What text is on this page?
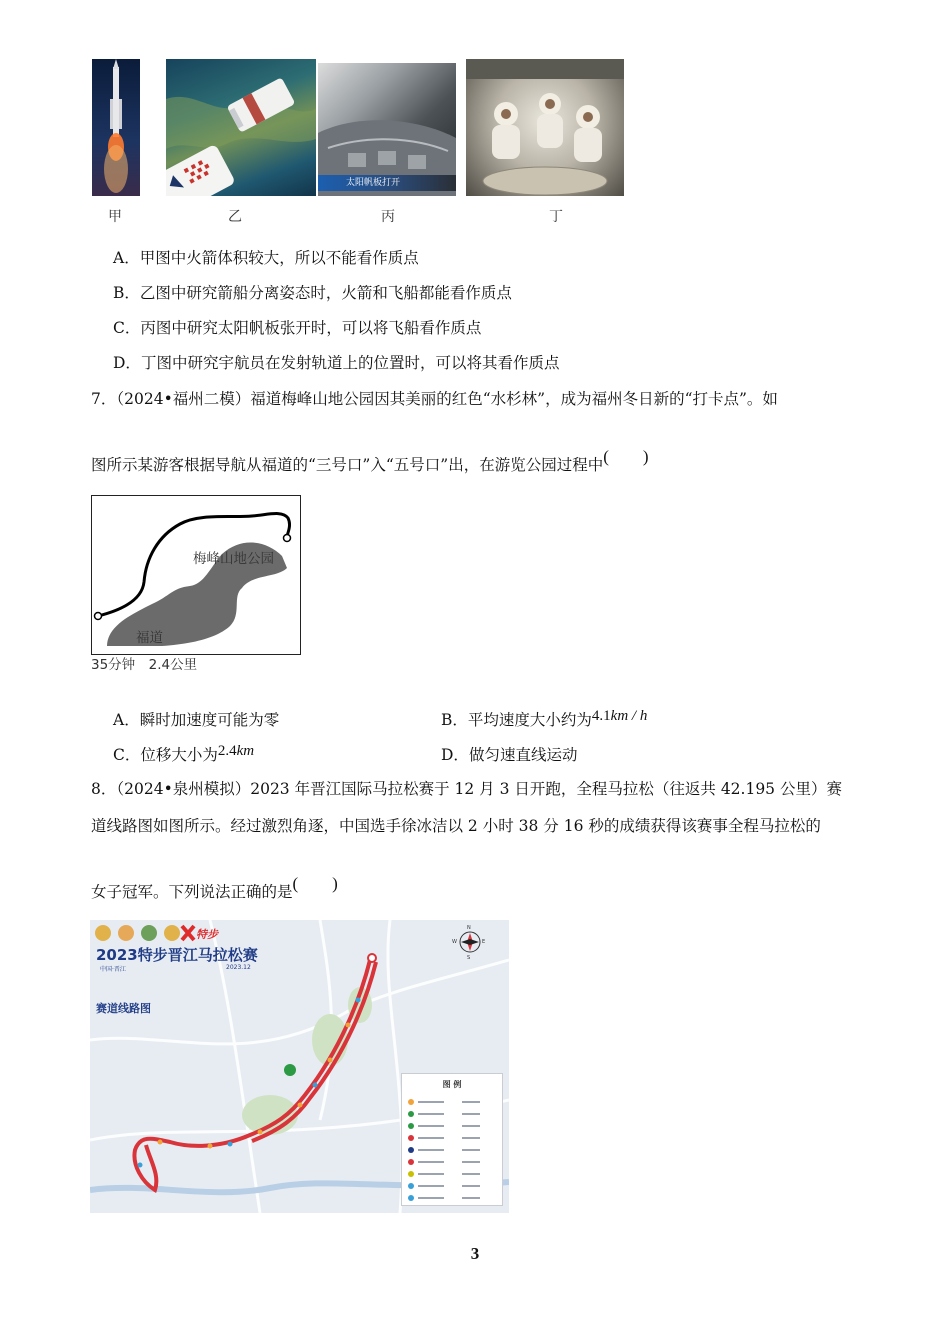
太阳帆板打开
甲	乙	丙	丁
A．甲图中火箭体积较大，所以不能看作质点
B．乙图中研究箭船分离姿态时，火箭和飞船都能看作质点
C．丙图中研究太阳帆板张开时，可以将飞船看作质点
D．丁图中研究宇航员在发射轨道上的位置时，可以将其看作质点
7．（2024•福州二模）福道梅峰山地公园因其美丽的红色“水杉林”，成为福州冬日新的“打卡点”。如
图所示某游客根据导航从福道的“三号口”入“五号口”出，在游览公园过程中(　　)
梅峰山地公园
福道
35分钟　2.4公里
A．瞬时加速度可能为零	B．平均速度大小约为4.1km / h
C．位移大小为2.4km	D．做匀速直线运动
8．（2024•泉州模拟）2023 年晋江国际马拉松赛于 12 月 3 日开跑，全程马拉松（往返共 42.195 公里）赛
道线路图如图所示。经过激烈角逐，中国选手徐冰洁以 2 小时 38 分 16 秒的成绩获得该赛事全程马拉松的
女子冠军。下列说法正确的是(　　)
特步
2023特步晋江马拉松赛
中国·晋江	2023.12
赛道线路图
N
S
E
W
图 例
3
